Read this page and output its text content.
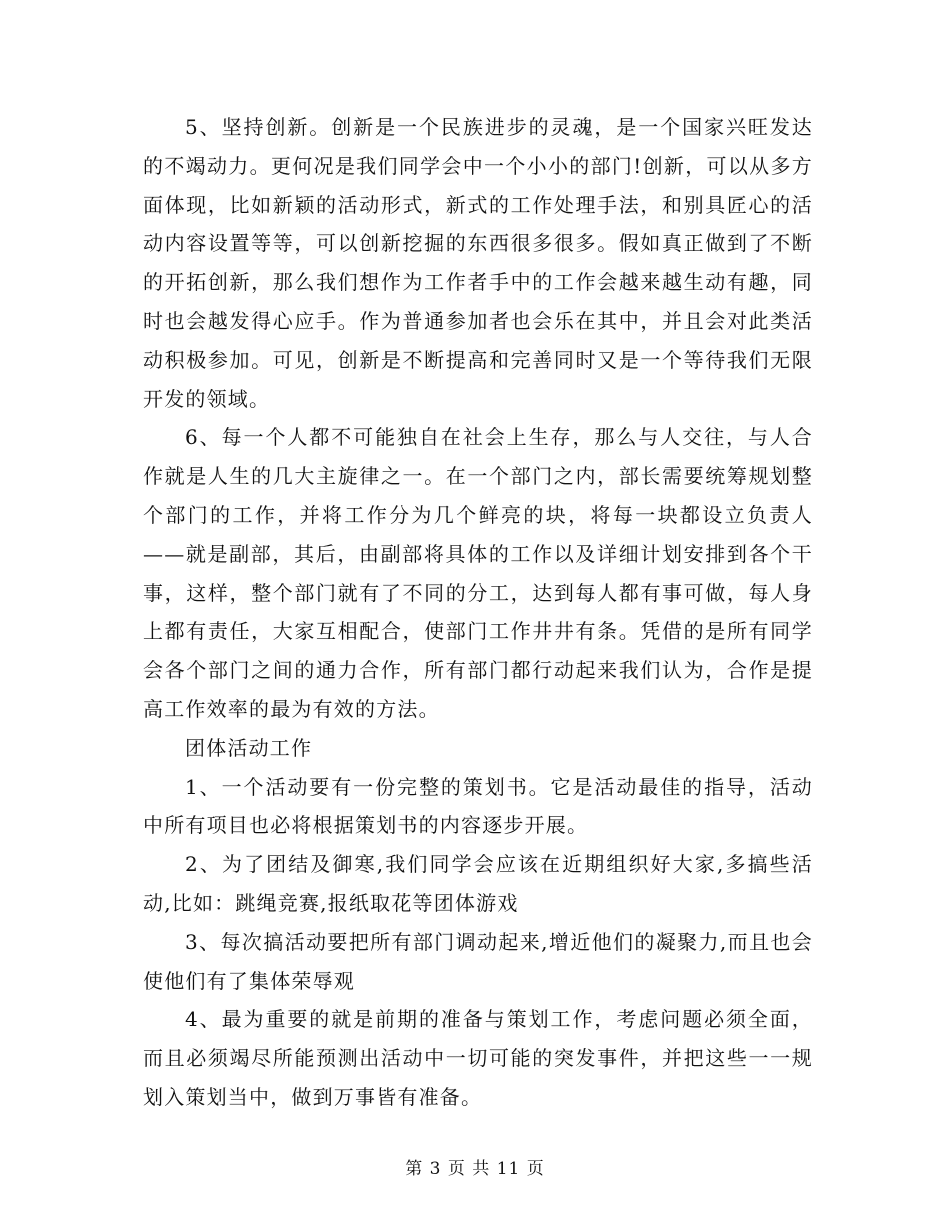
5、坚持创新。创新是一个民族进步的灵魂，是一个国家兴旺发达的不竭动力。更何况是我们同学会中一个小小的部门!创新，可以从多方面体现，比如新颖的活动形式，新式的工作处理手法，和别具匠心的活动内容设置等等，可以创新挖掘的东西很多很多。假如真正做到了不断的开拓创新，那么我们想作为工作者手中的工作会越来越生动有趣，同时也会越发得心应手。作为普通参加者也会乐在其中，并且会对此类活动积极参加。可见，创新是不断提高和完善同时又是一个等待我们无限开发的领域。

6、每一个人都不可能独自在社会上生存，那么与人交往，与人合作就是人生的几大主旋律之一。在一个部门之内，部长需要统筹规划整个部门的工作，并将工作分为几个鲜亮的块，将每一块都设立负责人——就是副部，其后，由副部将具体的工作以及详细计划安排到各个干事，这样，整个部门就有了不同的分工，达到每人都有事可做，每人身上都有责任，大家互相配合，使部门工作井井有条。凭借的是所有同学会各个部门之间的通力合作，所有部门都行动起来我们认为，合作是提高工作效率的最为有效的方法。

团体活动工作

1、一个活动要有一份完整的策划书。它是活动最佳的指导，活动中所有项目也必将根据策划书的内容逐步开展。

2、为了团结及御寒,我们同学会应该在近期组织好大家,多搞些活动,比如：跳绳竞赛,报纸取花等团体游戏

3、每次搞活动要把所有部门调动起来,增近他们的凝聚力,而且也会使他们有了集体荣辱观

4、最为重要的就是前期的准备与策划工作，考虑问题必须全面，而且必须竭尽所能预测出活动中一切可能的突发事件，并把这些一一规划入策划当中，做到万事皆有准备。

第 3 页 共 11 页
